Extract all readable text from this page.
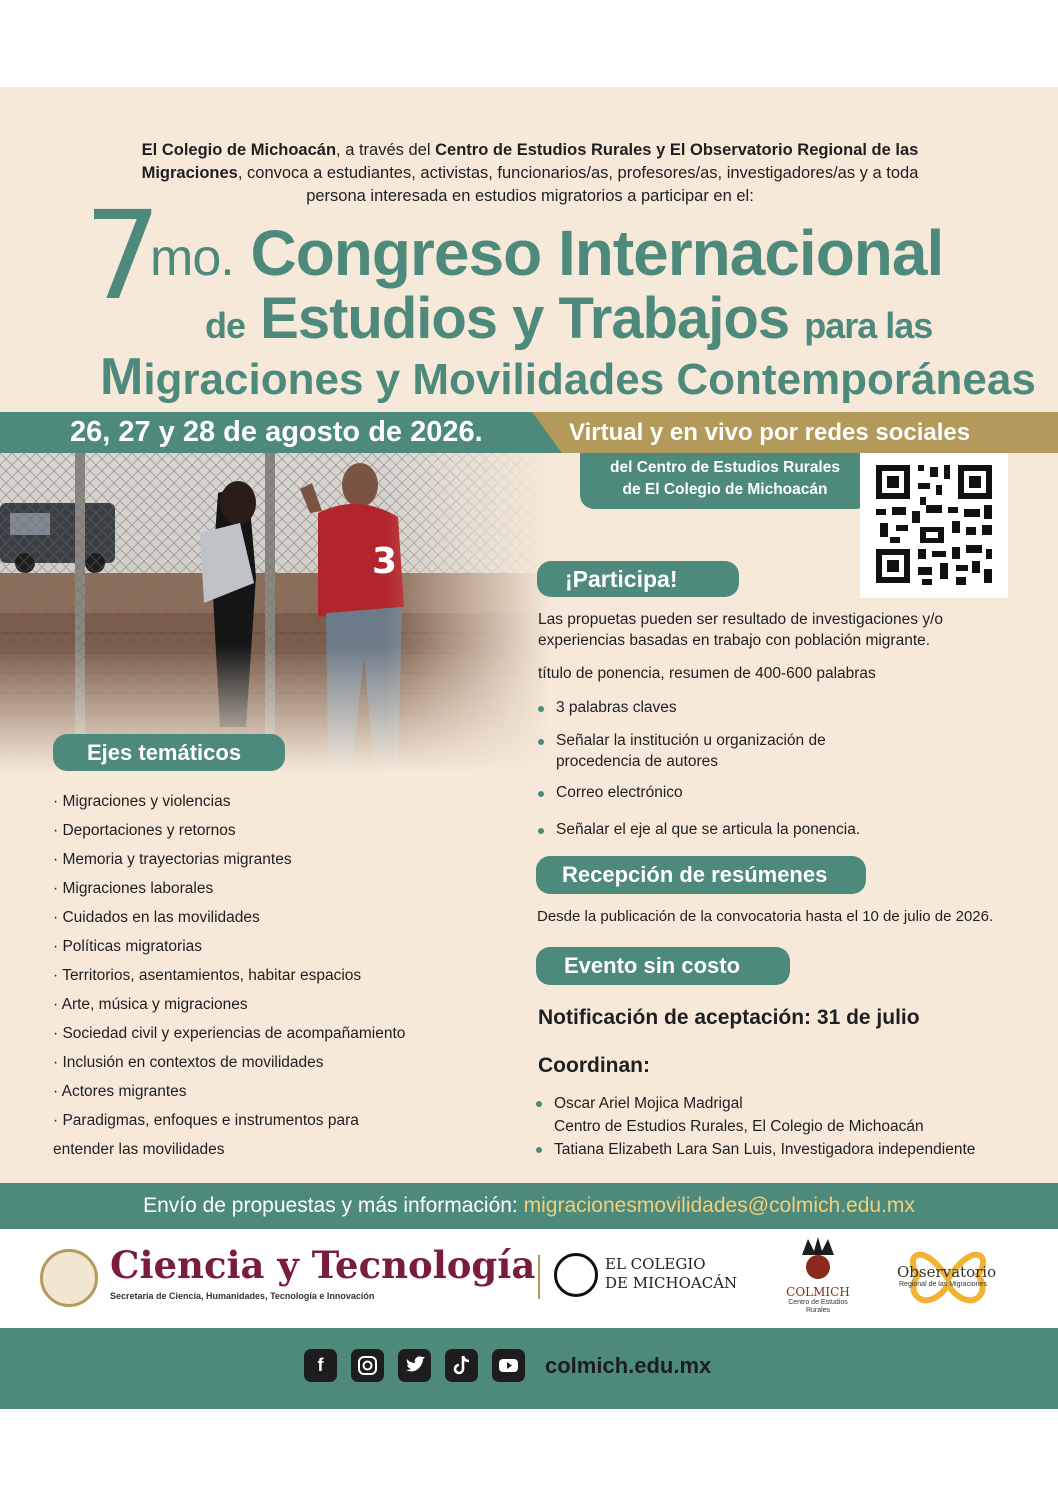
El Colegio de Michoacán, a través del Centro de Estudios Rurales y El Observatorio Regional de las Migraciones, convoca a estudiantes, activistas, funcionarios/as, profesores/as, investigadores/as y a toda persona interesada en estudios migratorios a participar en el:
7
mo. Congreso Internacional
de Estudios y Trabajos para las
Migraciones y Movilidades Contemporáneas
26, 27 y 28 de agosto de 2026.	Virtual y en vivo por redes sociales
del Centro de Estudios Rurales
de El Colegio de Michoacán
¡Participa!
Las propuetas pueden ser resultado de investigaciones y/o experiencias basadas en trabajo con población migrante.
título de ponencia, resumen de 400-600 palabras
3 palabras claves
Señalar la institución u organización de procedencia de autores
Correo electrónico
Señalar el eje al que se articula la ponencia.
Ejes temáticos
· Migraciones y violencias
· Deportaciones y retornos
· Memoria y trayectorias migrantes
· Migraciones laborales
· Cuidados en las movilidades
· Políticas migratorias
· Territorios, asentamientos, habitar espacios
· Arte, música y migraciones
· Sociedad civil y experiencias de acompañamiento
· Inclusión en contextos de movilidades
· Actores migrantes
· Paradigmas, enfoques e instrumentos para
entender las movilidades
Recepción de resúmenes
Desde la publicación de la convocatoria hasta el 10 de julio de 2026.
Evento sin costo
Notificación de aceptación: 31 de julio
Coordinan:
Oscar Ariel Mojica Madrigal
Centro de Estudios Rurales, El Colegio de Michoacán
Tatiana Elizabeth Lara San Luis, Investigadora independiente
Envío de propuestas y más información: migracionesmovilidades@colmich.edu.mx
Ciencia y Tecnología
Secretaría de Ciencia, Humanidades, Tecnología e Innovación
EL COLEGIO
DE MICHOACÁN	COLMICH
Centro de Estudios
Rurales
Observatorio
Regional de las Migraciones
f	colmich.edu.mx
